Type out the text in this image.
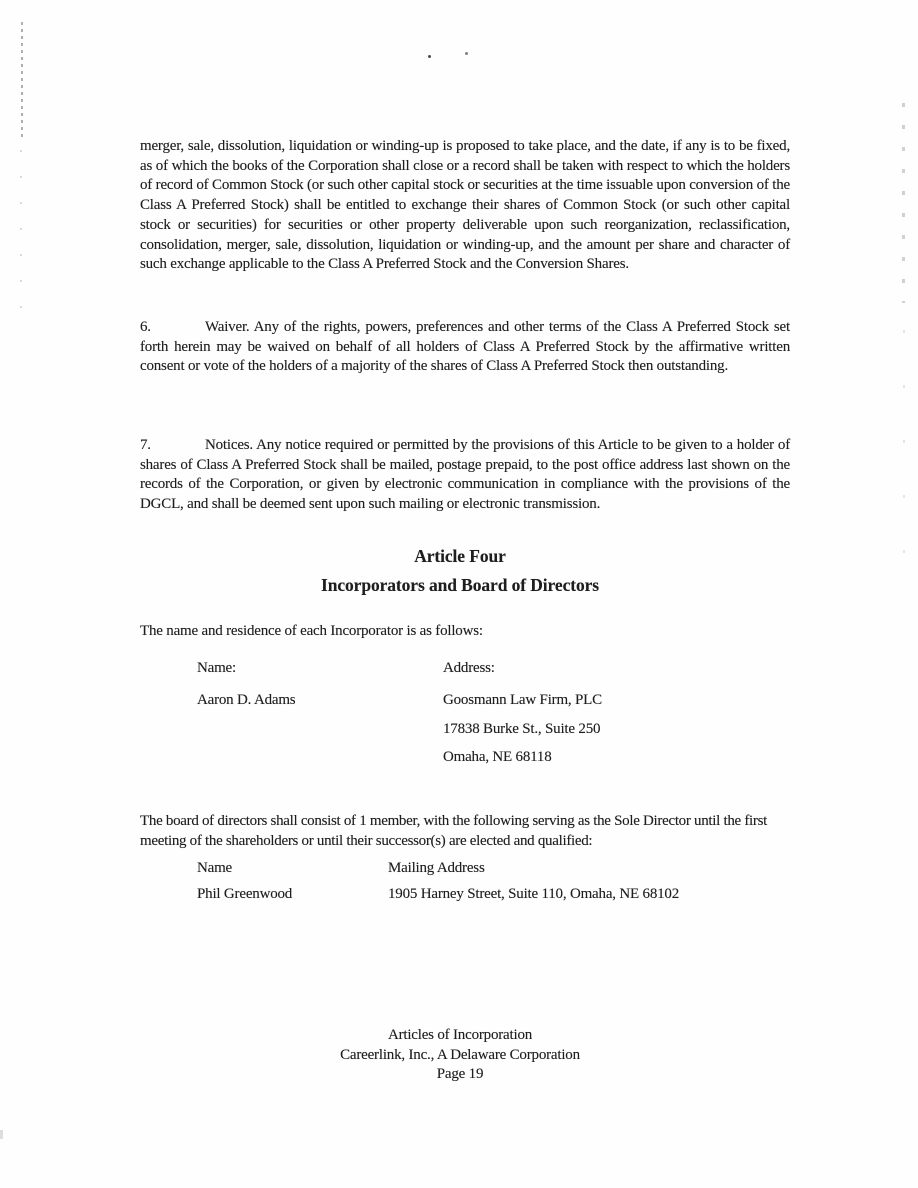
merger, sale, dissolution, liquidation or winding-up is proposed to take place, and the date, if any is to be fixed, as of which the books of the Corporation shall close or a record shall be taken with respect to which the holders of record of Common Stock (or such other capital stock or securities at the time issuable upon conversion of the Class A Preferred Stock) shall be entitled to exchange their shares of Common Stock (or such other capital stock or securities) for securities or other property deliverable upon such reorganization, reclassification, consolidation, merger, sale, dissolution, liquidation or winding-up, and the amount per share and character of such exchange applicable to the Class A Preferred Stock and the Conversion Shares.
6.	Waiver. Any of the rights, powers, preferences and other terms of the Class A Preferred Stock set forth herein may be waived on behalf of all holders of Class A Preferred Stock by the affirmative written consent or vote of the holders of a majority of the shares of Class A Preferred Stock then outstanding.
7.	Notices. Any notice required or permitted by the provisions of this Article to be given to a holder of shares of Class A Preferred Stock shall be mailed, postage prepaid, to the post office address last shown on the records of the Corporation, or given by electronic communication in compliance with the provisions of the DGCL, and shall be deemed sent upon such mailing or electronic transmission.
Article Four
Incorporators and Board of Directors
The name and residence of each Incorporator is as follows:
Name:	Address:
Aaron D. Adams	Goosmann Law Firm, PLC
17838 Burke St., Suite 250
Omaha, NE 68118
The board of directors shall consist of 1 member, with the following serving as the Sole Director until the first meeting of the shareholders or until their successor(s) are elected and qualified:
Name	Mailing Address
Phil Greenwood	1905 Harney Street, Suite 110, Omaha, NE 68102
Articles of Incorporation
Careerlink, Inc., A Delaware Corporation
Page 19
